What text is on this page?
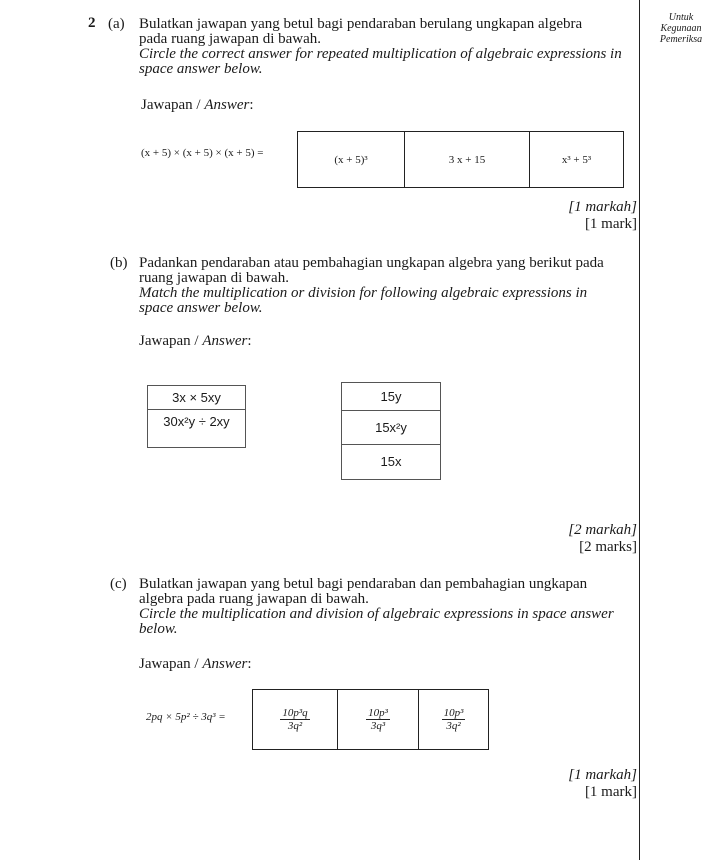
Untuk
Kegunaan
Pemeriksa
2 (a) Bulatkan jawapan yang betul bagi pendaraban berulang ungkapan algebra
pada ruang jawapan di bawah.
Circle the correct answer for repeated multiplication of algebraic expressions in
space answer below.
Jawapan / Answer:
(x + 5) × (x + 5) × (x + 5) =
(x + 5)³	3 x + 15	x³ + 5³
[1 markah]
[1 mark]
(b) Padankan pendaraban atau pembahagian ungkapan algebra yang berikut pada
ruang jawapan di bawah.
Match the multiplication or division for following algebraic expressions in
space answer below.
Jawapan / Answer:
3x × 5xy
30x²y ÷ 2xy
15y
15x²y
15x
[2 markah]
[2 marks]
(c) Bulatkan jawapan yang betul bagi pendaraban dan pembahagian ungkapan
algebra pada ruang jawapan di bawah.
Circle the multiplication and division of algebraic expressions in space answer
below.
Jawapan / Answer:
2pq × 5p² ÷ 3q³ =	$\frac{\text{10p³q}}{\text{3q²}}$	$\frac{\text{10p³}}{\text{3q³}}$	$\frac{\text{10p³}}{\text{3q²}}$
[1 markah]
[1 mark]
